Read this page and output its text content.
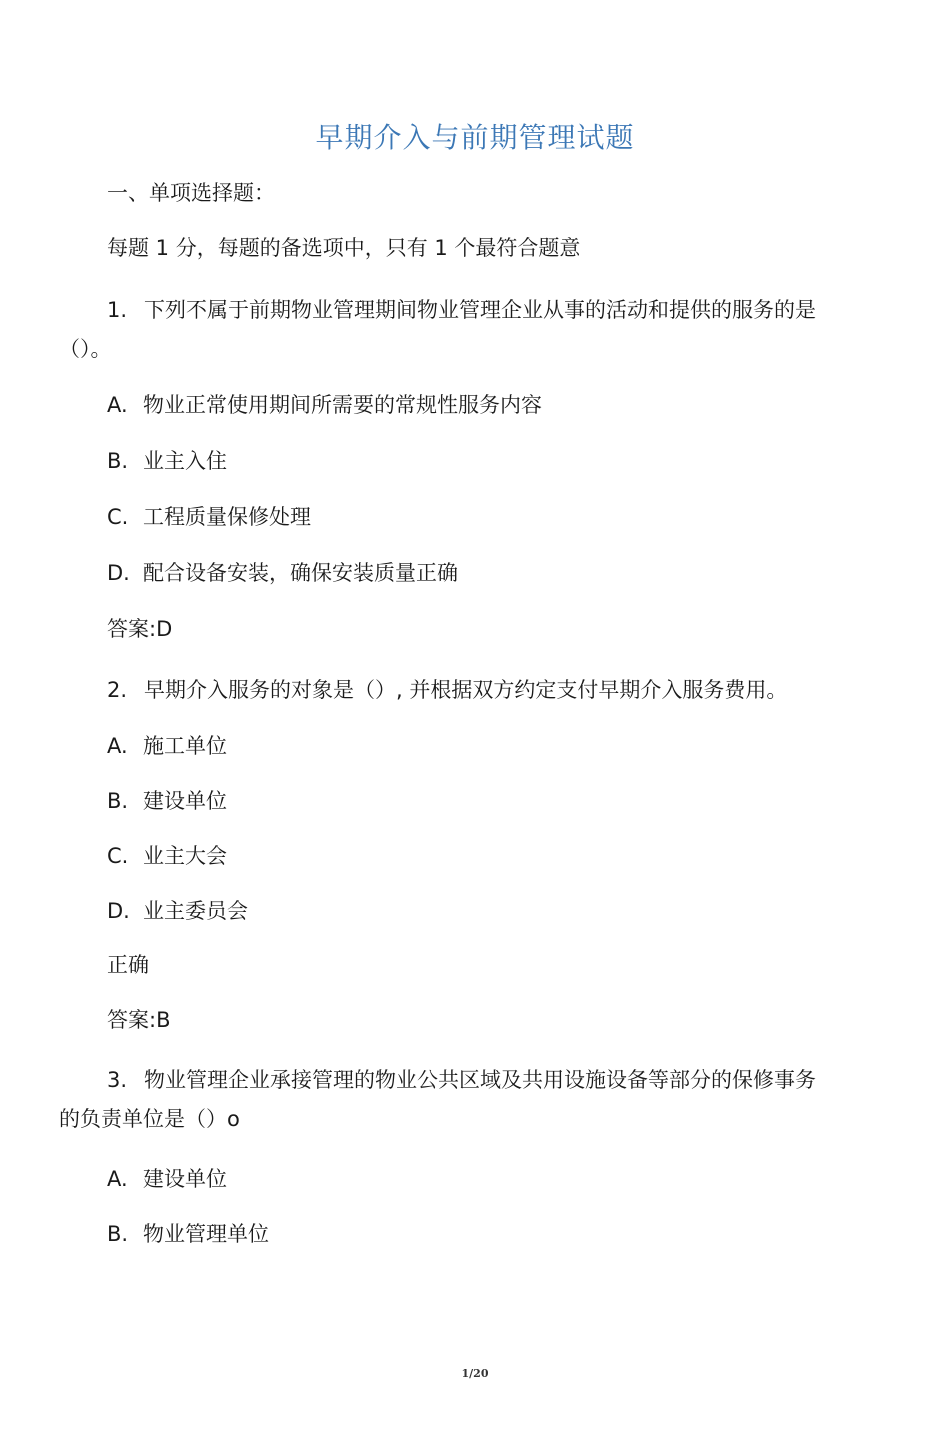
早期介入与前期管理试题
一、单项选择题：
每题 1 分，每题的备选项中，只有 1 个最符合题意
1. 下列不属于前期物业管理期间物业管理企业从事的活动和提供的服务的是
（）。
A. 物业正常使用期间所需要的常规性服务内容
B. 业主入住
C. 工程质量保修处理
D. 配合设备安装，确保安装质量正确
答案:D
2. 早期介入服务的对象是（）, 并根据双方约定支付早期介入服务费用。
A. 施工单位
B. 建设单位
C. 业主大会
D. 业主委员会
正确
答案:B
3. 物业管理企业承接管理的物业公共区域及共用设施设备等部分的保修事务
的负责单位是（）o
A. 建设单位
B. 物业管理单位
1/20
